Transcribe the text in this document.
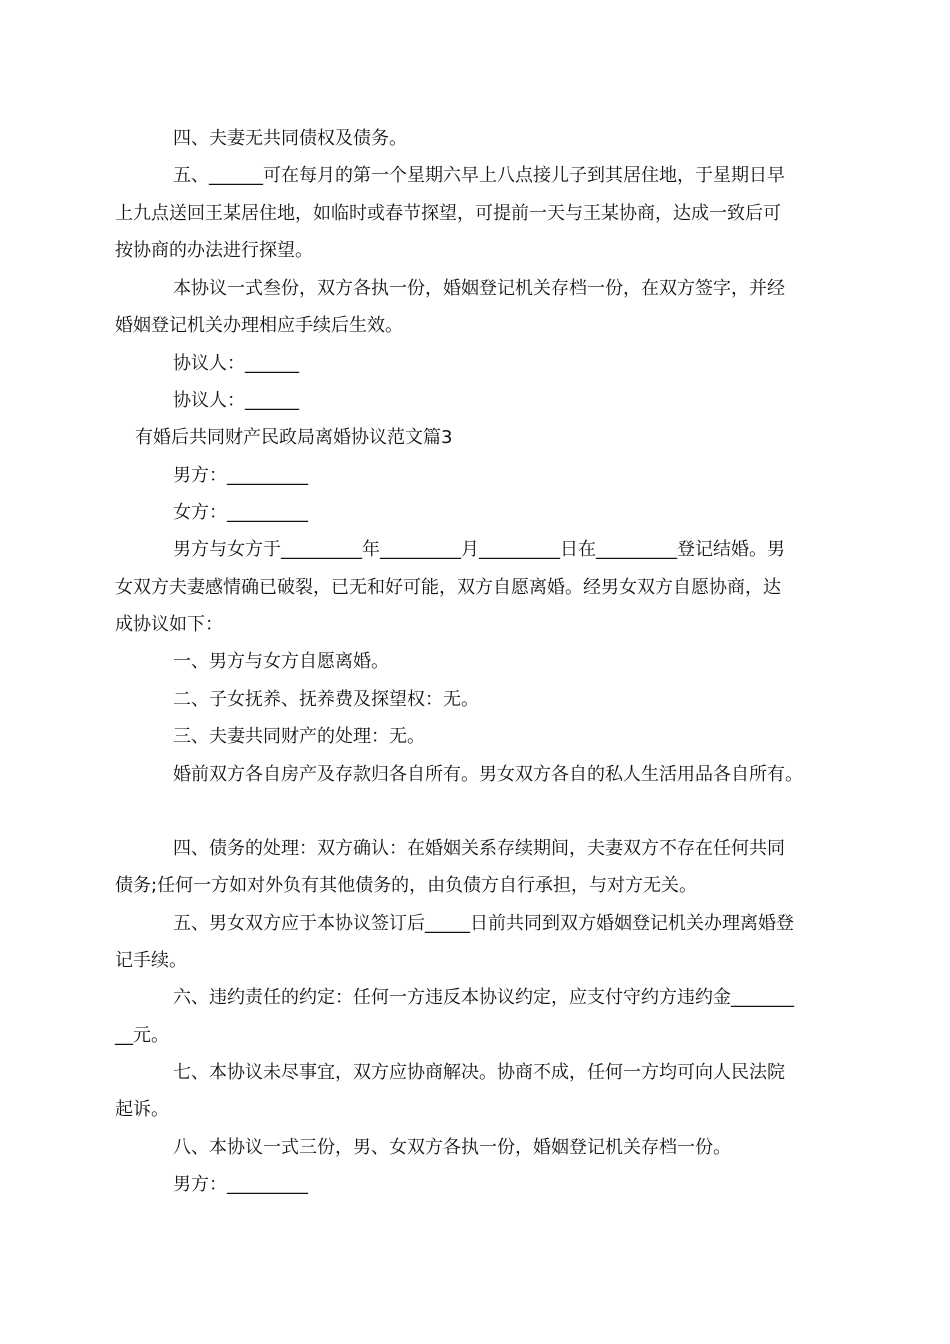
四、夫妻无共同债权及债务。
五、______可在每月的第一个星期六早上八点接儿子到其居住地，于星期日早
上九点送回王某居住地，如临时或春节探望，可提前一天与王某协商，达成一致后可
按协商的办法进行探望。
本协议一式叁份，双方各执一份，婚姻登记机关存档一份，在双方签字，并经
婚姻登记机关办理相应手续后生效。
协议人：______
协议人：______
有婚后共同财产民政局离婚协议范文篇3
男方：_________
女方：_________
男方与女方于_________年_________月_________日在_________登记结婚。男
女双方夫妻感情确已破裂，已无和好可能，双方自愿离婚。经男女双方自愿协商，达
成协议如下：
一、男方与女方自愿离婚。
二、子女抚养、抚养费及探望权：无。
三、夫妻共同财产的处理：无。
婚前双方各自房产及存款归各自所有。男女双方各自的私人生活用品各自所有。
四、债务的处理：双方确认：在婚姻关系存续期间，夫妻双方不存在任何共同
债务;任何一方如对外负有其他债务的，由负债方自行承担，与对方无关。
五、男女双方应于本协议签订后_____日前共同到双方婚姻登记机关办理离婚登
记手续。
六、违约责任的约定：任何一方违反本协议约定，应支付守约方违约金_______
__元。
七、本协议未尽事宜，双方应协商解决。协商不成，任何一方均可向人民法院
起诉。
八、本协议一式三份，男、女双方各执一份，婚姻登记机关存档一份。
男方：_________
